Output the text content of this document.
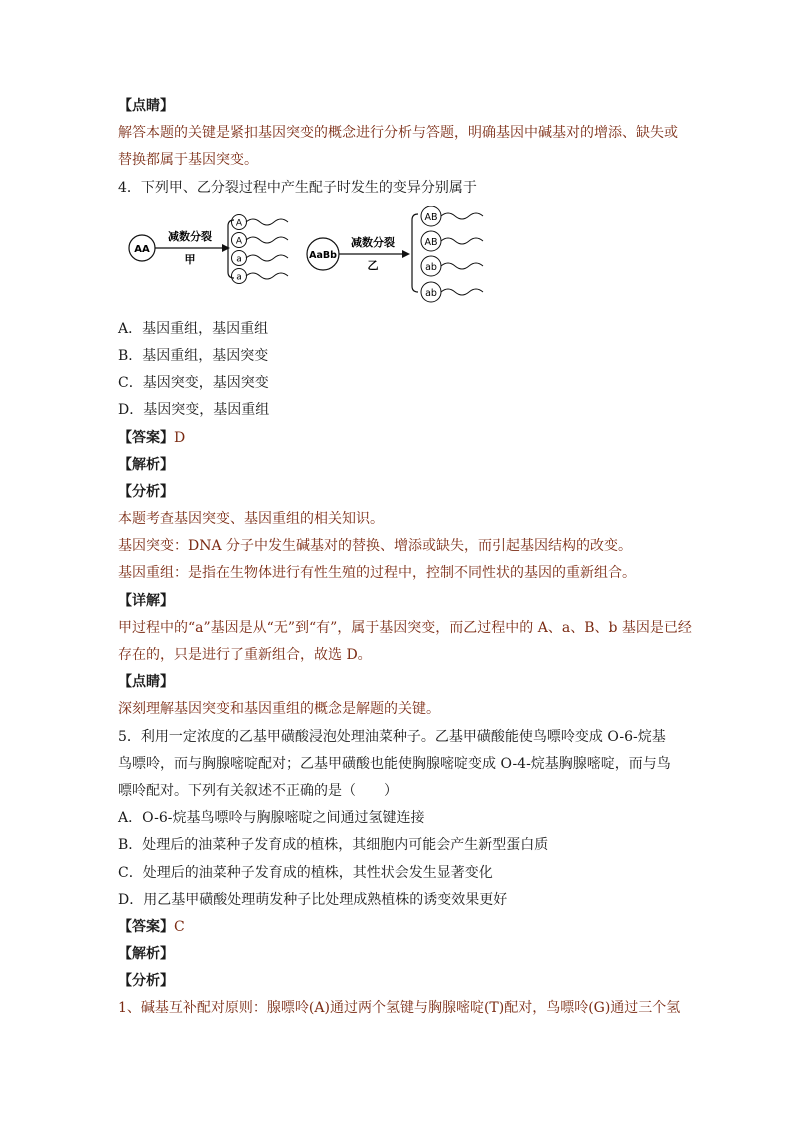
【点睛】
解答本题的关键是紧扣基因突变的概念进行分析与答题，明确基因中碱基对的增添、缺失或
替换都属于基因突变。
4．下列甲、乙分裂过程中产生配子时发生的变异分别属于
AA
减数分裂
甲
A
A
a
a
AaBb
减数分裂
乙
AB
AB
ab
ab
A．基因重组，基因重组
B．基因重组，基因突变
C．基因突变，基因突变
D．基因突变，基因重组
【答案】D
【解析】
【分析】
本题考查基因突变、基因重组的相关知识。
基因突变：DNA 分子中发生碱基对的替换、增添或缺失，而引起基因结构的改变。
基因重组：是指在生物体进行有性生殖的过程中，控制不同性状的基因的重新组合。
【详解】
甲过程中的“a”基因是从“无”到“有”，属于基因突变，而乙过程中的 A、a、B、b 基因是已经
存在的，只是进行了重新组合，故选 D。
【点睛】
深刻理解基因突变和基因重组的概念是解题的关键。
5．利用一定浓度的乙基甲磺酸浸泡处理油菜种子。乙基甲磺酸能使鸟嘌呤变成 O-6-烷基
鸟嘌呤，而与胸腺嘧啶配对；乙基甲磺酸也能使胸腺嘧啶变成 O-4-烷基胸腺嘧啶，而与鸟
嘌呤配对。下列有关叙述不正确的是（　　）
A．O-6-烷基鸟嘌呤与胸腺嘧啶之间通过氢键连接
B．处理后的油菜种子发育成的植株，其细胞内可能会产生新型蛋白质
C．处理后的油菜种子发育成的植株，其性状会发生显著变化
D．用乙基甲磺酸处理萌发种子比处理成熟植株的诱变效果更好
【答案】C
【解析】
【分析】
1、碱基互补配对原则：腺嘌呤(A)通过两个氢键与胸腺嘧啶(T)配对，鸟嘌呤(G)通过三个氢
